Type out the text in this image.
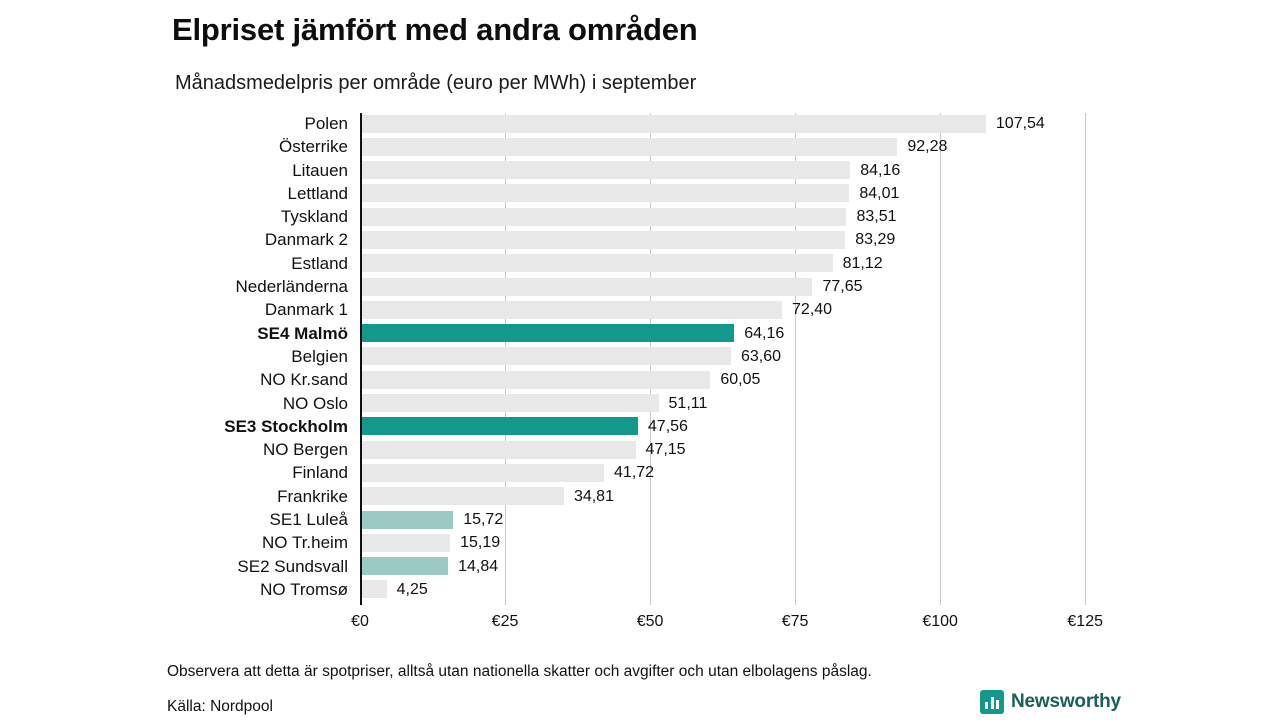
Elpriset jämfört med andra områden
Månadsmedelpris per område (euro per MWh) i september
Polen	107,54
Österrike	92,28
Litauen	84,16
Lettland	84,01
Tyskland	83,51
Danmark 2	83,29
Estland	81,12
Nederländerna	77,65
Danmark 1	72,40
SE4 Malmö	64,16
Belgien	63,60
NO Kr.sand	60,05
NO Oslo	51,11
SE3 Stockholm	47,56
NO Bergen	47,15
Finland	41,72
Frankrike	34,81
SE1 Luleå	15,72
NO Tr.heim	15,19
SE2 Sundsvall	14,84
NO Tromsø	4,25
€0	€25	€50	€75	€100	€125
Observera att detta är spotpriser, alltså utan nationella skatter och avgifter och utan elbolagens påslag.
Källa: Nordpool	Newsworthy
